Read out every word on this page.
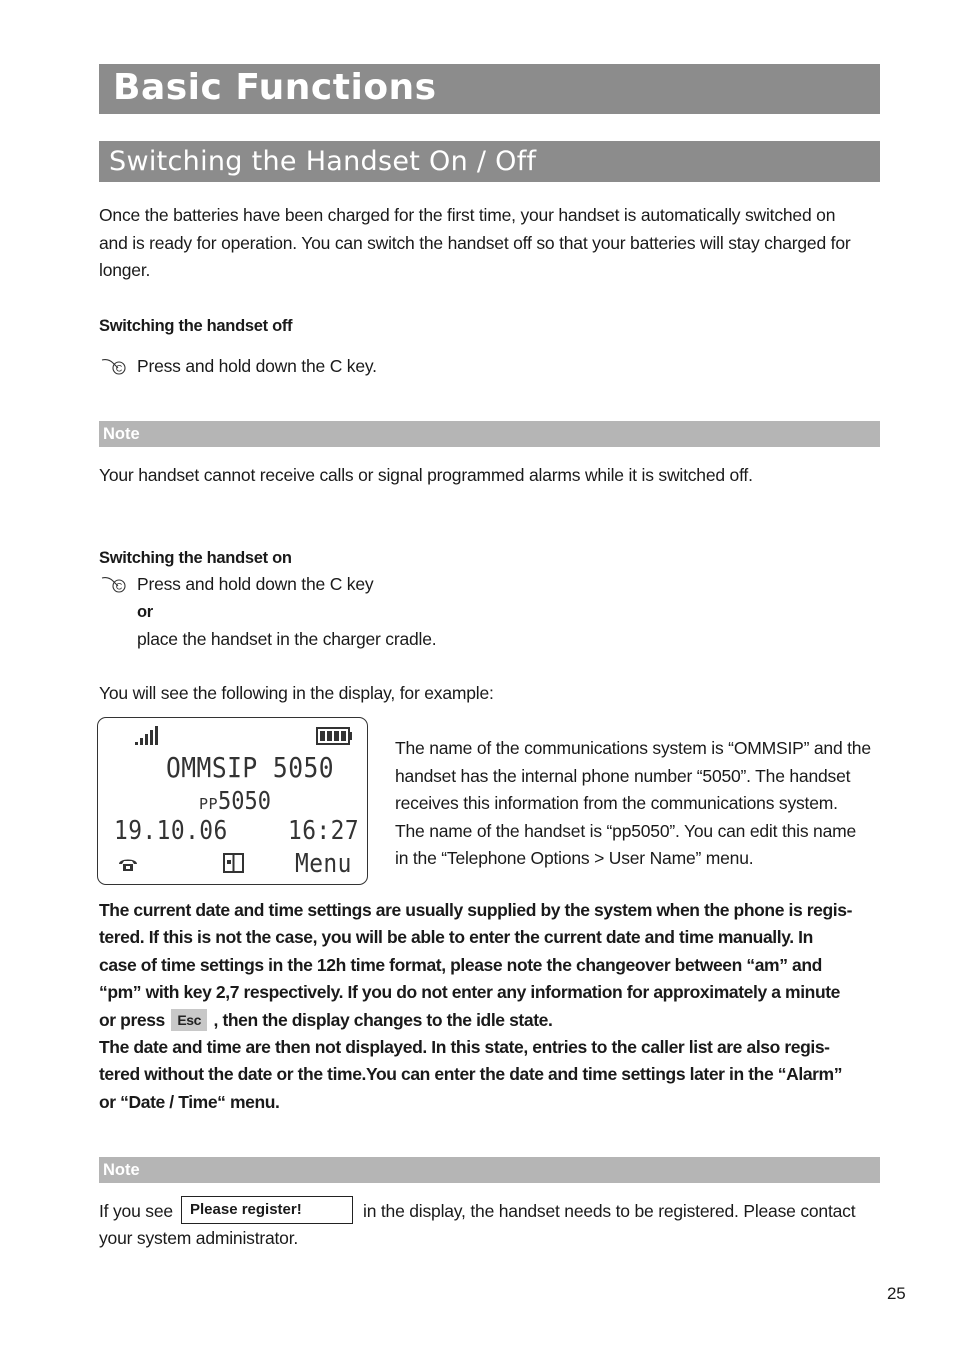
Basic Functions
Switching the Handset On / Off
Once the batteries have been charged for the first time, your handset is automatically switched on
and is ready for operation. You can switch the handset off so that your batteries will stay charged for
longer.
Switching the handset off
C Press and hold down the C key.
Note
Your handset cannot receive calls or signal programmed alarms while it is switched off.
Switching the handset on
C Press and hold down the C key
or
place the handset in the charger cradle.
You will see the following in the display, for example:
OMMSIP 5050
PP5050
19.10.06 16:27
Menu
The name of the communications system is “OMMSIP” and the
handset has the internal phone number “5050”. The handset
receives this information from the communications system.
The name of the handset is “pp5050”. You can edit this name
in the “Telephone Options > User Name” menu.
The current date and time settings are usually supplied by the system when the phone is regis-
tered. If this is not the case, you will be able to enter the current date and time manually. In
case of time settings in the 12h time format, please note the changeover between “am” and
“pm” with key 2,7 respectively. If you do not enter any information for approximately a minute
or press Esc , then the display changes to the idle state.
The date and time are then not displayed. In this state, entries to the caller list are also regis-
tered without the date or the time.You can enter the date and time settings later in the “Alarm”
or “Date / Time“ menu.
Note
If you see Please register!	in the display, the handset needs to be registered. Please contact
your system administrator.
25
